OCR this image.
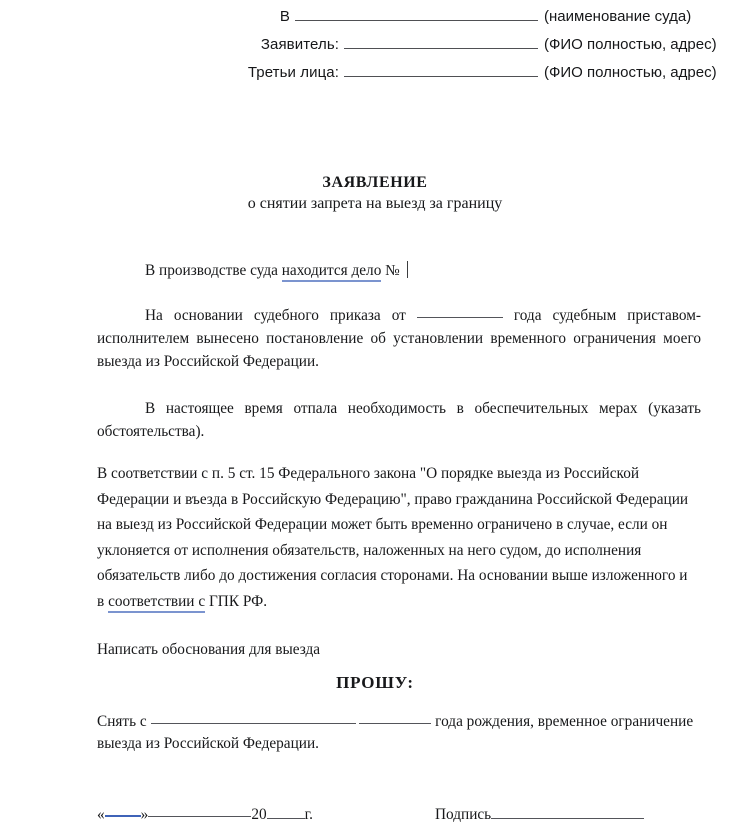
В	(наименование суда)
Заявитель:	(ФИО полностью, адрес)
Третьи лица:	(ФИО полностью, адрес)
ЗАЯВЛЕНИЕ
о снятии запрета на выезд за границу

В производстве суда находится дело №

На основании судебного приказа от	года судебным приставом-исполнителем вынесено постановление об установлении временного ограничения моего выезда из Российской Федерации.

В настоящее время отпала необходимость в обеспечительных мерах (указать обстоятельства).

В соответствии с п. 5 ст. 15 Федерального закона "О порядке выезда из Российской
Федерации и въезда в Российскую Федерацию", право гражданина Российской Федерации
на выезд из Российской Федерации может быть временно ограничено в случае, если он
уклоняется от исполнения обязательств, наложенных на него судом, до исполнения
обязательств либо до достижения согласия сторонами. На основании выше изложенного и
в соответствии с ГПК РФ.

Написать обоснования для выезда

ПРОШУ:
Снять с	года рождения, временное ограничение
выезда из Российской Федерации.
« »	20 г.	Подпись
